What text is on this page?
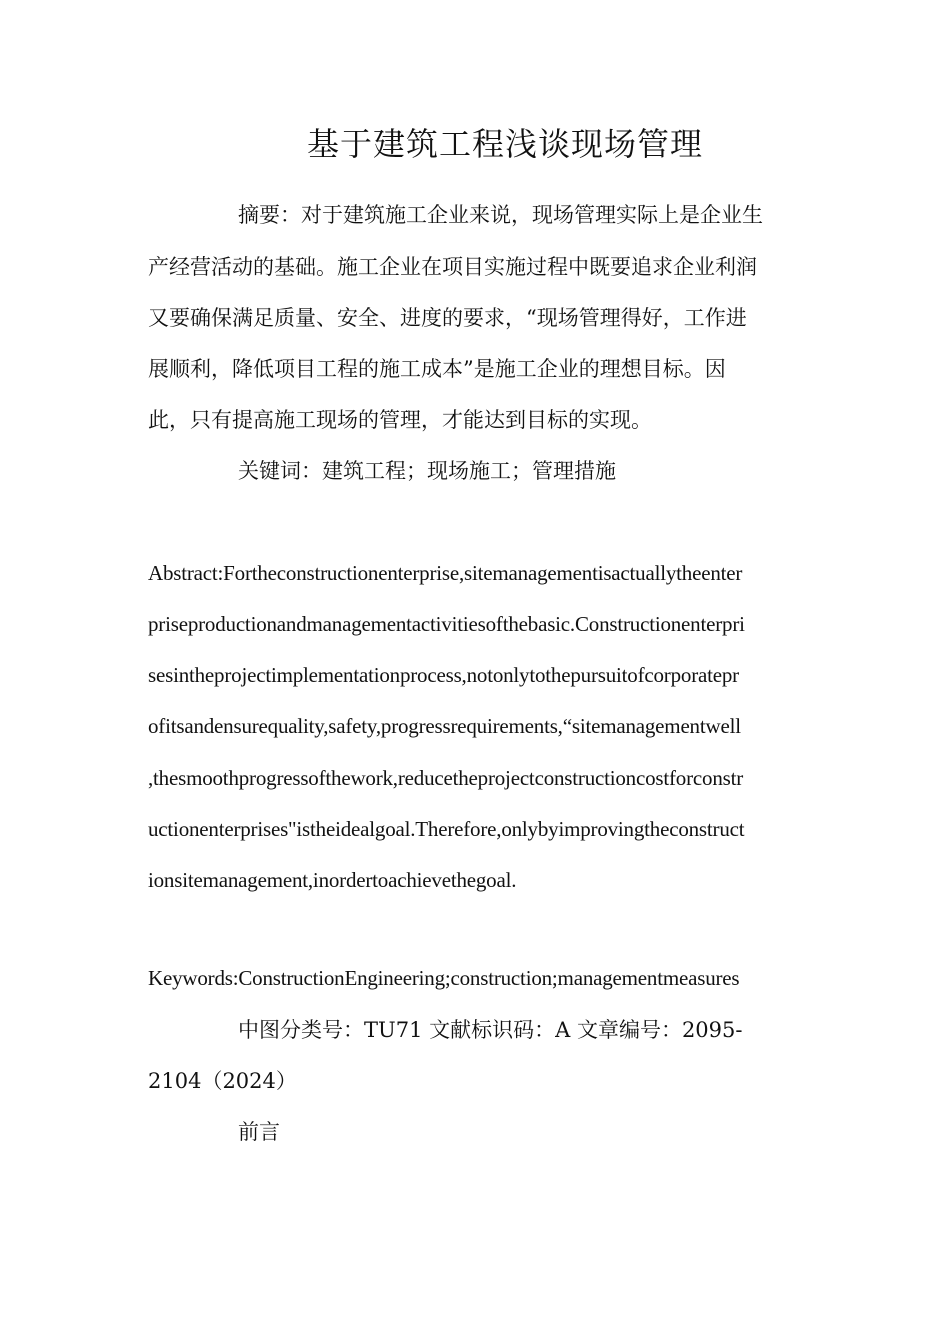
基于建筑工程浅谈现场管理
摘要：对于建筑施工企业来说，现场管理实际上是企业生
产经营活动的基础。施工企业在项目实施过程中既要追求企业利润
又要确保满足质量、安全、进度的要求，“现场管理得好，工作进
展顺利，降低项目工程的施工成本”是施工企业的理想目标。因
此，只有提高施工现场的管理，才能达到目标的实现。
关键词：建筑工程；现场施工；管理措施
Abstract:Fortheconstructionenterprise,sitemanagementisactuallytheenter
priseproductionandmanagementactivitiesofthebasic.Constructionenterpri
sesintheprojectimplementationprocess,notonlytothepursuitofcorporatepr
ofitsandensurequality,safety,progressrequirements,“sitemanagementwell
,thesmoothprogressofthework,reducetheprojectconstructioncostforconstr
uctionenterprises"istheidealgoal.Therefore,onlybyimprovingtheconstruct
ionsitemanagement,inordertoachievethegoal.
Keywords:ConstructionEngineering;construction;managementmeasures
中图分类号：TU71 文献标识码：A 文章编号：2095-
2104（2024）
前言
